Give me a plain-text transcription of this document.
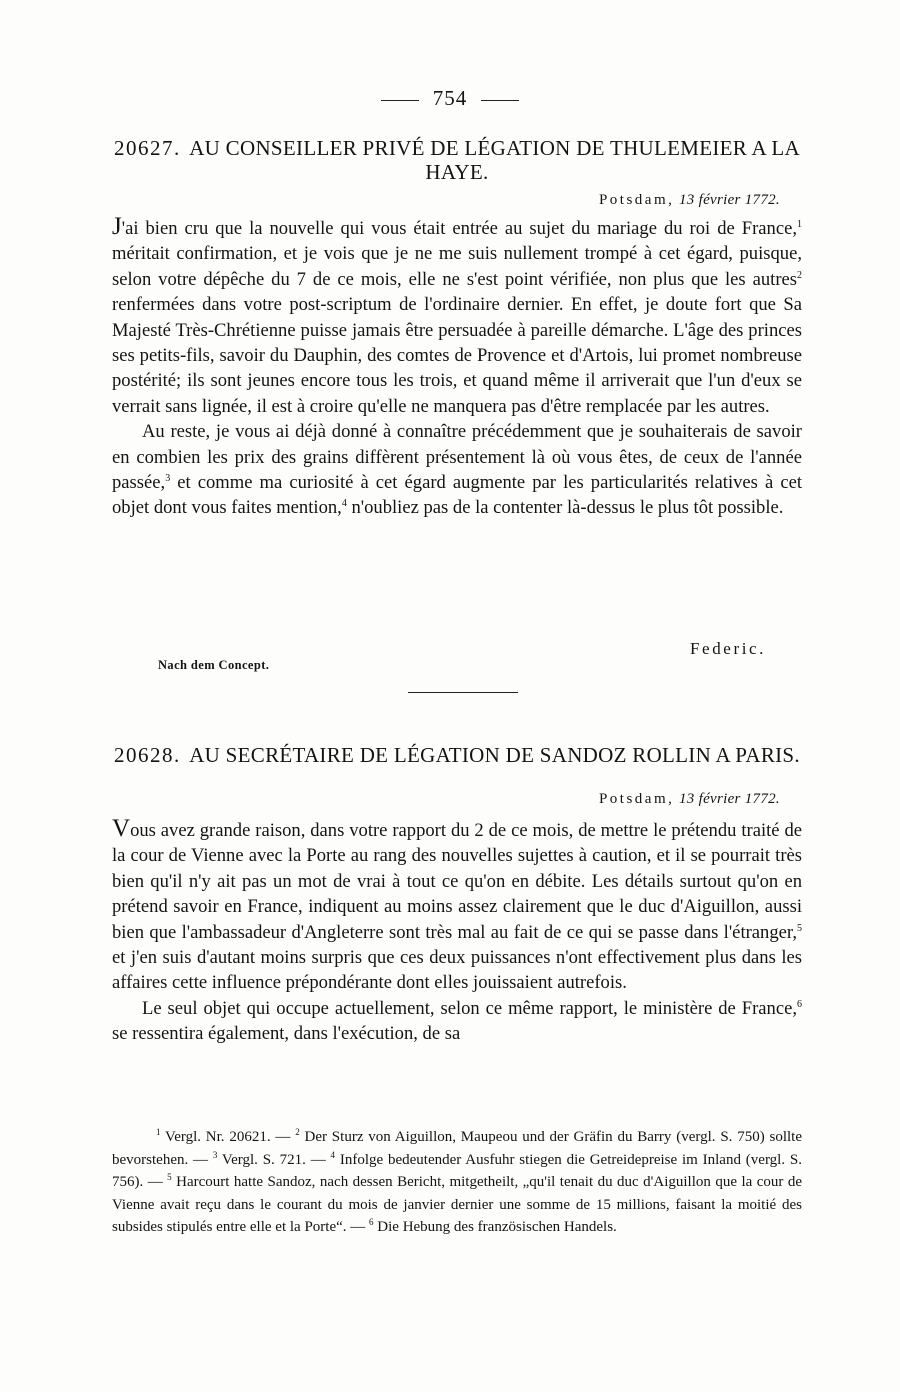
754
20627. AU CONSEILLER PRIVÉ DE LÉGATION DE THULEMEIER A LA HAYE.
Potsdam, 13 février 1772.

J'ai bien cru que la nouvelle qui vous était entrée au sujet du mariage du roi de France,$^1$ méritait confirmation, et je vois que je ne me suis nullement trompé à cet égard, puisque, selon votre dépêche du 7 de ce mois, elle ne s'est point vérifiée, non plus que les autres$^2$ renfermées dans votre post-scriptum de l'ordinaire dernier. En effet, je doute fort que Sa Majesté Très-Chrétienne puisse jamais être persuadée à pareille démarche. L'âge des princes ses petits-fils, savoir du Dauphin, des comtes de Provence et d'Artois, lui promet nombreuse postérité; ils sont jeunes encore tous les trois, et quand même il arriverait que l'un d'eux se verrait sans lignée, il est à croire qu'elle ne manquera pas d'être remplacée par les autres.

Au reste, je vous ai déjà donné à connaître précédemment que je souhaiterais de savoir en combien les prix des grains diffèrent présentement là où vous êtes, de ceux de l'année passée,$^3$ et comme ma curiosité à cet égard augmente par les particularités relatives à cet objet dont vous faites mention,$^4$ n'oubliez pas de la contenter là-dessus le plus tôt possible.

Federic.
Nach dem Concept.
20628. AU SECRÉTAIRE DE LÉGATION DE SANDOZ ROLLIN A PARIS.
Potsdam, 13 février 1772.

Vous avez grande raison, dans votre rapport du 2 de ce mois, de mettre le prétendu traité de la cour de Vienne avec la Porte au rang des nouvelles sujettes à caution, et il se pourrait très bien qu'il n'y ait pas un mot de vrai à tout ce qu'on en débite. Les détails surtout qu'on en prétend savoir en France, indiquent au moins assez clairement que le duc d'Aiguillon, aussi bien que l'ambassadeur d'Angleterre sont très mal au fait de ce qui se passe dans l'étranger,$^5$ et j'en suis d'autant moins surpris que ces deux puissances n'ont effectivement plus dans les affaires cette influence prépondérante dont elles jouissaient autrefois.

Le seul objet qui occupe actuellement, selon ce même rapport, le ministère de France,$^6$ se ressentira également, dans l'exécution, de sa

$^1$ Vergl. Nr. 20621. — $^2$ Der Sturz von Aiguillon, Maupeou und der Gräfin du Barry (vergl. S. 750) sollte bevorstehen. — $^3$ Vergl. S. 721. — $^4$ Infolge bedeutender Ausfuhr stiegen die Getreidepreise im Inland (vergl. S. 756). — $^5$ Harcourt hatte Sandoz, nach dessen Bericht, mitgetheilt, „qu'il tenait du duc d'Aiguillon que la cour de Vienne avait reçu dans le courant du mois de janvier dernier une somme de 15 millions, faisant la moitié des subsides stipulés entre elle et la Porte“. — $^6$ Die Hebung des französischen Handels.
